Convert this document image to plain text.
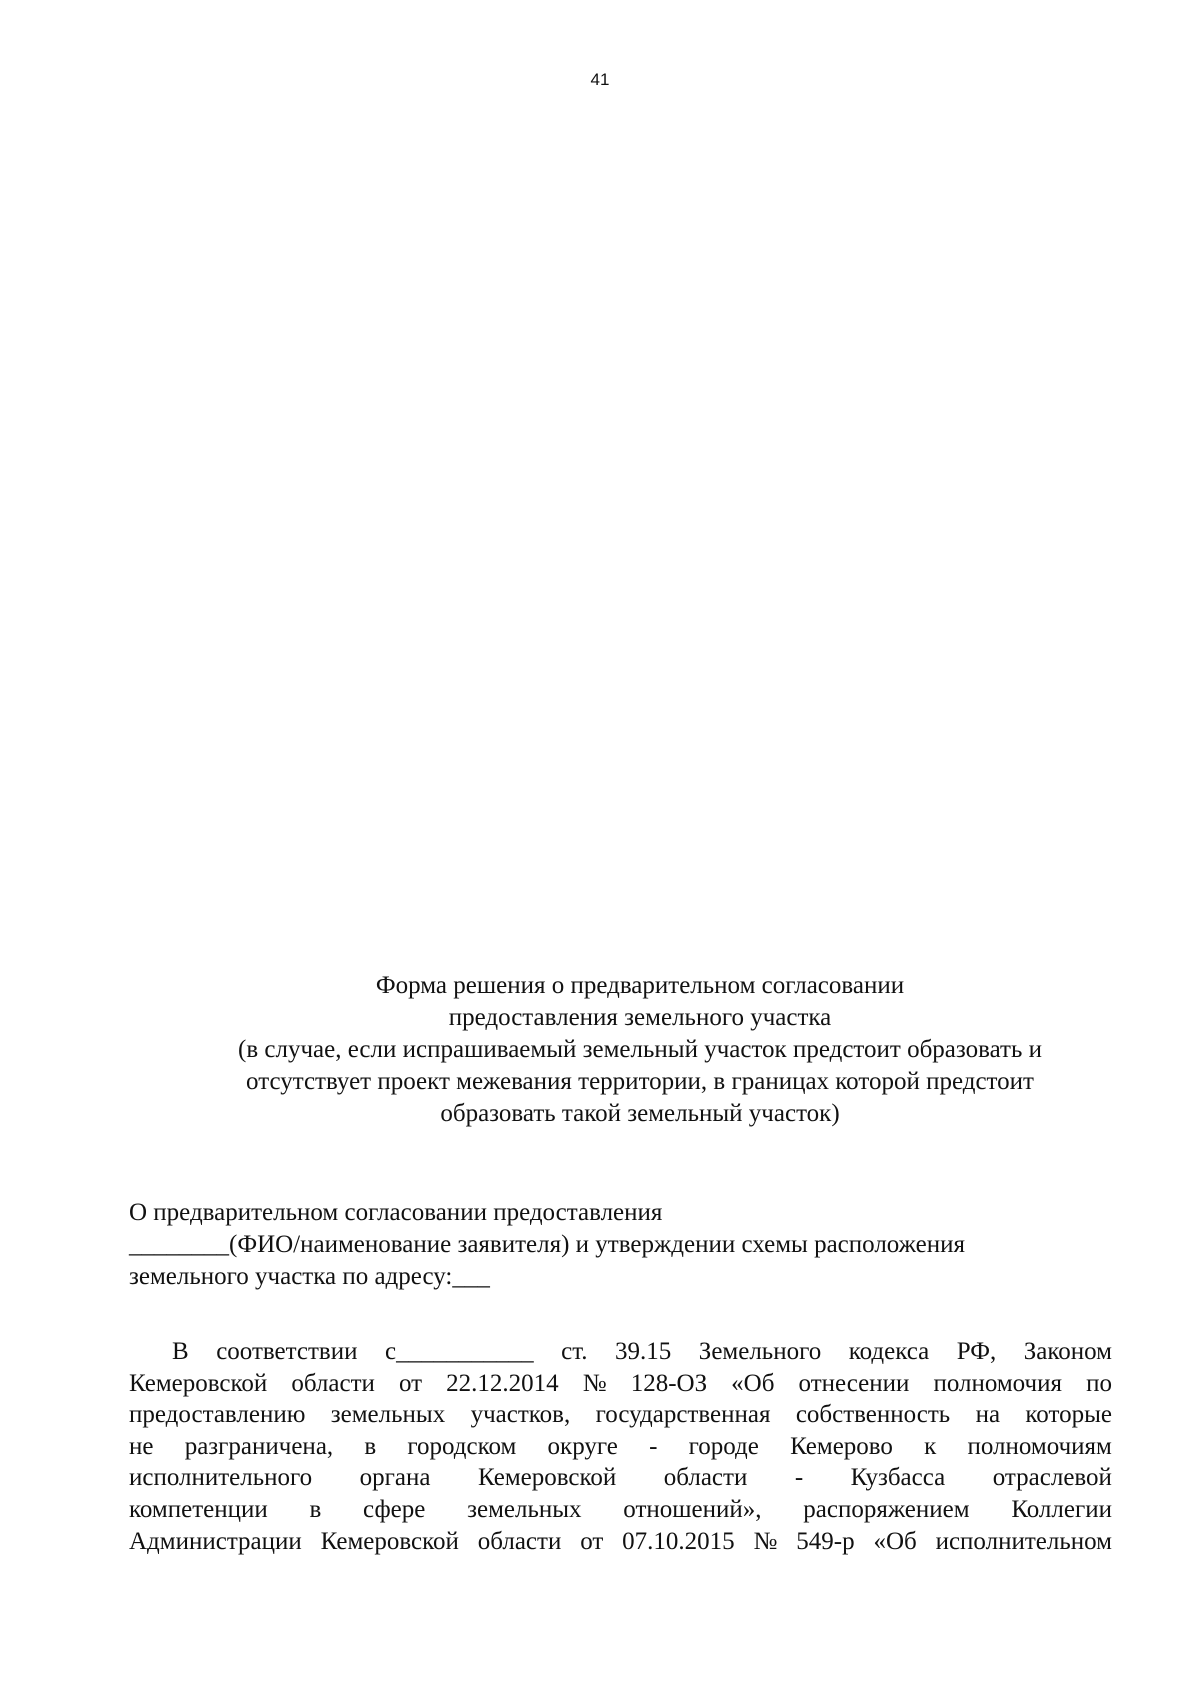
41
Форма решения о предварительном согласовании
предоставления земельного участка
(в случае, если испрашиваемый земельный участок предстоит образовать и
отсутствует проект межевания территории, в границах которой предстоит
образовать такой земельный участок)
О предварительном согласовании предоставления
________(ФИО/наименование заявителя) и утверждении схемы расположения
земельного участка по адресу:___
В соответствии с___________ ст. 39.15 Земельного кодекса РФ, Законом
Кемеровской области от 22.12.2014 № 128-ОЗ «Об отнесении полномочия по
предоставлению земельных участков, государственная собственность на которые
не разграничена, в городском округе - городе Кемерово к полномочиям
исполнительного органа Кемеровской области - Кузбасса отраслевой
компетенции в сфере земельных отношений», распоряжением Коллегии
Администрации Кемеровской области от 07.10.2015 № 549-р «Об исполнительном
